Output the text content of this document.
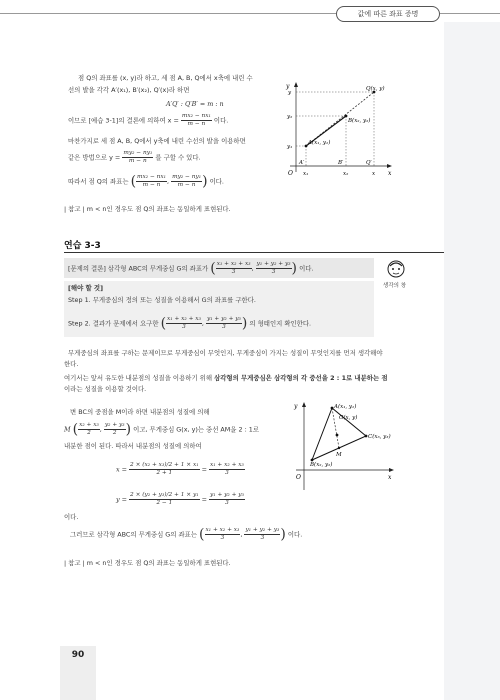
값에 따른 좌표 증명
점 Q의 좌표를 (x, y)라 하고, 세 점 A, B, Q에서 x축에 내린 수
선의 발을 각각 A′(x₁), B′(x₂), Q′(x)라 하면
A′Q′ : Q′B′ = m : n
이므로 [예습 3-1]의 결론에 의하여 $x = \frac{\text{mx₂ − nx₁}}{m - n}$ 이다.
마찬가지로 세 점 A, B, Q에서 y축에 내린 수선의 발을 이용하면
같은 방법으로 $y = \frac{\text{my₂ − ny₁}}{m - n}$ 를 구할 수 있다.
따라서 점 Q의 좌표는 ( $\frac{\text{mx₂ − nx₁}}{m - n}$ , $\frac{\text{my₂ − ny₁}}{m - n}$ ) 이다.
| 참고 | m < n인 경우도 점 Q의 좌표는 동일하게 표현된다.
y
x
O
Q(x, y)
B(x₂, y₂)
A(x₁, y₁)
y
y₂
y₁
A′	B′	Q′
x₁	x₂	x
연습 3-3
[문제의 결론] 삼각형 ABC의 무게중심 G의 좌표가 ( $\frac{\text{x₁ + x₂ + x₃}}{3}$ , $\frac{\text{y₁ + y₂ + y₃}}{3}$ ) 이다.
생각의 창
[해야 할 것]
Step 1. 무게중심의 정의 또는 성질을 이용해서 G의 좌표를 구한다.
Step 2. 결과가 문제에서 요구한 ( $\frac{\text{x₁ + x₂ + x₃}}{3}$ , $\frac{\text{y₁ + y₂ + y₃}}{3}$ ) 의 형태인지 확인한다.
무게중심의 좌표를 구하는 문제이므로 무게중심이 무엇인지, 무게중심이 가지는 성질이 무엇인지를 먼저 생각해야
한다.
여기서는 앞서 유도한 내분점의 성질을 이용하기 위해 삼각형의 무게중심은 삼각형의 각 중선을 2 : 1로 내분하는 점
이라는 성질을 이용할 것이다.
변 BC의 중점을 M이라 하면 내분점의 성질에 의해
M ( $\frac{\text{x₂ + x₃}}{2}$ , $\frac{\text{y₂ + y₃}}{2}$ ) 이고, 무게중심 G(x, y)는 중선 AM을 2 : 1로
내분한 점이 된다. 따라서 내분점의 성질에 의하여
$x = \frac{\text{2 × (x₂ + x₃)/2 + 1 × x₁}}{2 + 1} = \frac{\text{x₁ + x₂ + x₃}}{3}$
$y = \frac{\text{2 × (y₂ + y₃)/2 + 1 × y₁}}{2 - 1} = \frac{\text{y₁ + y₂ + y₃}}{3}$
이다.
그러므로 삼각형 ABC의 무게중심 G의 좌표는 ( $\frac{\text{x₁ + x₂ + x₃}}{3}$ , $\frac{\text{y₁ + y₂ + y₃}}{3}$ ) 이다.
| 참고 | m < n인 경우도 점 Q의 좌표는 동일하게 표현된다.
y
x
O
A(x₁, y₁)
G(x, y)
C(x₃, y₃)
M
B(x₂, y₂)
90
